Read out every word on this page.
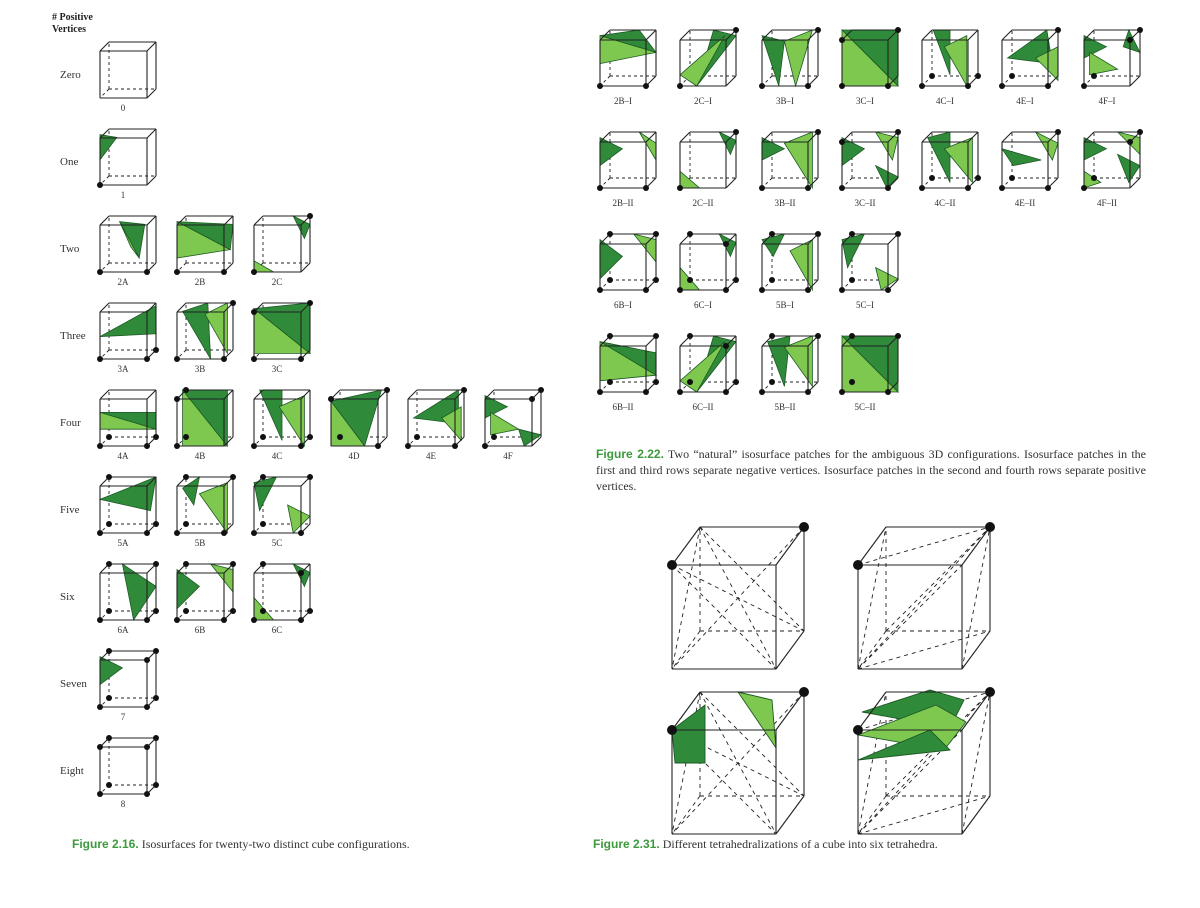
# Positive
Vertices
Zero
0
One
1
Two
2A	2B	2C
Three
3A	3B	3C
Four
4A	4B	4C	4D	4E	4F
Five
5A	5B	5C
Six
6A	6B	6C
Seven
7
Eight
8
2B–I	2C–I	3B–I	3C–I	4C–I	4E–I	4F–I
2B–II	2C–II	3B–II	3C–II	4C–II	4E–II	4F–II
6B–I	6C–I	5B–I	5C–I
6B–II	6C–II	5B–II	5C–II
Figure 2.16. Isosurfaces for twenty-two distinct cube configurations.
Figure 2.22. Two “natural” isosurface patches for the ambiguous 3D configurations. Isosurface patches in the first and third rows separate negative vertices. Isosurface patches in the second and fourth rows separate positive vertices.
Figure 2.31. Different tetrahedralizations of a cube into six tetrahedra.
